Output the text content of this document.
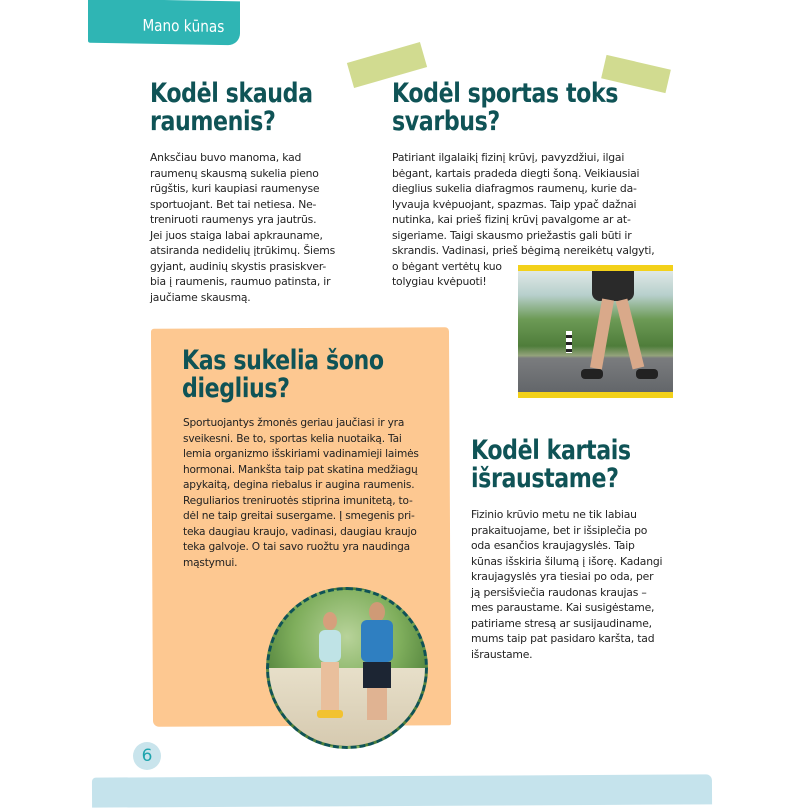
Mano kūnas
Kodėl skauda
raumenis?

Anksčiau buvo manoma, kad
raumenų skausmą sukelia pieno
rūgštis, kuri kaupiasi raumenyse
sportuojant. Bet tai netiesa. Ne-
treniruoti raumenys yra jautrūs.
Jei juos staiga labai apkrauname,
atsiranda nedidelių įtrūkimų. Šiems
gyjant, audinių skystis prasiskver-
bia į raumenis, raumuo patinsta, ir
jaučiame skausmą.

Kodėl sportas toks
svarbus?

Patiriant ilgalaikį fizinį krūvį, pavyzdžiui, ilgai
bėgant, kartais pradeda diegti šoną. Veikiausiai
dieglius sukelia diafragmos raumenų, kurie da-
lyvauja kvėpuojant, spazmas. Taip ypač dažnai
nutinka, kai prieš fizinį krūvį pavalgome ar at-
sigeriame. Taigi skausmo priežastis gali būti ir
skrandis. Vadinasi, prieš bėgimą nereikėtų valgyti,
o bėgant vertėtų kuo
tolygiau kvėpuoti!

Kas sukelia šono
dieglius?

Sportuojantys žmonės geriau jaučiasi ir yra
sveikesni. Be to, sportas kelia nuotaiką. Tai
lemia organizmo išskiriami vadinamieji laimės
hormonai. Mankšta taip pat skatina medžiagų
apykaitą, degina riebalus ir augina raumenis.
Reguliarios treniruotės stiprina imunitetą, to-
dėl ne taip greitai susergame. Į smegenis pri-
teka daugiau kraujo, vadinasi, daugiau kraujo
teka galvoje. O tai savo ruožtu yra naudinga
mąstymui.

Kodėl kartais
išraustame?

Fizinio krūvio metu ne tik labiau
prakaituojame, bet ir išsiplečia po
oda esančios kraujagyslės. Taip
kūnas išskiria šilumą į išorę. Kadangi
kraujagyslės yra tiesiai po oda, per
ją persišviečia raudonas kraujas –
mes paraustame. Kai susigėstame,
patiriame stresą ar susijaudiname,
mums taip pat pasidaro karšta, tad
išraustame.

6
